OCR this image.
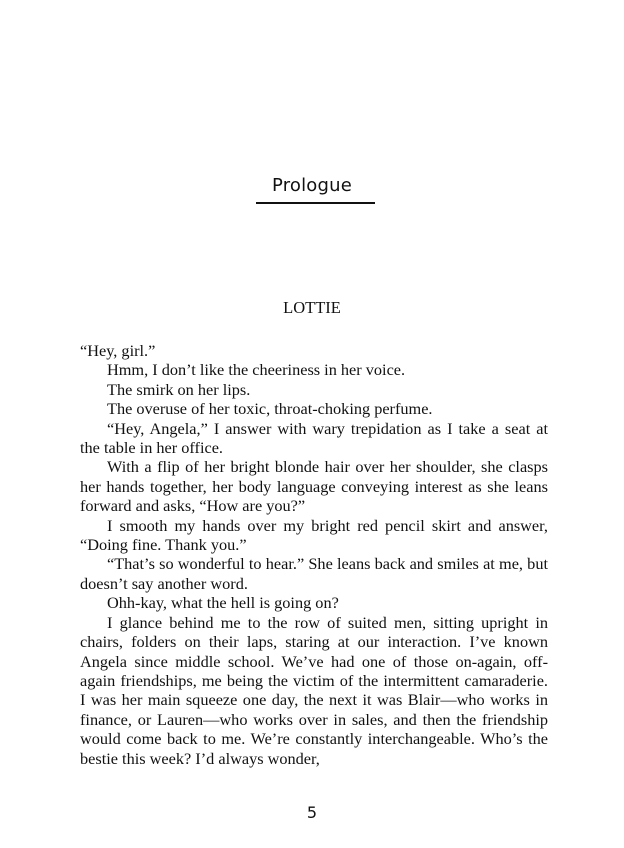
Prologue
LOTTIE

“Hey, girl.”

Hmm, I don’t like the cheeriness in her voice.

The smirk on her lips.

The overuse of her toxic, throat-choking perfume.

“Hey, Angela,” I answer with wary trepidation as I take a seat at the table in her office.

With a flip of her bright blonde hair over her shoulder, she clasps her hands together, her body language conveying interest as she leans forward and asks, “How are you?”

I smooth my hands over my bright red pencil skirt and answer, “Doing fine. Thank you.”

“That’s so wonderful to hear.” She leans back and smiles at me, but doesn’t say another word.

Ohh-kay, what the hell is going on?

I glance behind me to the row of suited men, sitting upright in chairs, folders on their laps, staring at our interaction. I’ve known Angela since middle school. We’ve had one of those on-again, off-again friendships, me being the victim of the intermittent camaraderie. I was her main squeeze one day, the next it was Blair—who works in finance, or Lauren—who works over in sales, and then the friendship would come back to me. We’re constantly interchangeable. Who’s the bestie this week? I’d always wonder,

5
